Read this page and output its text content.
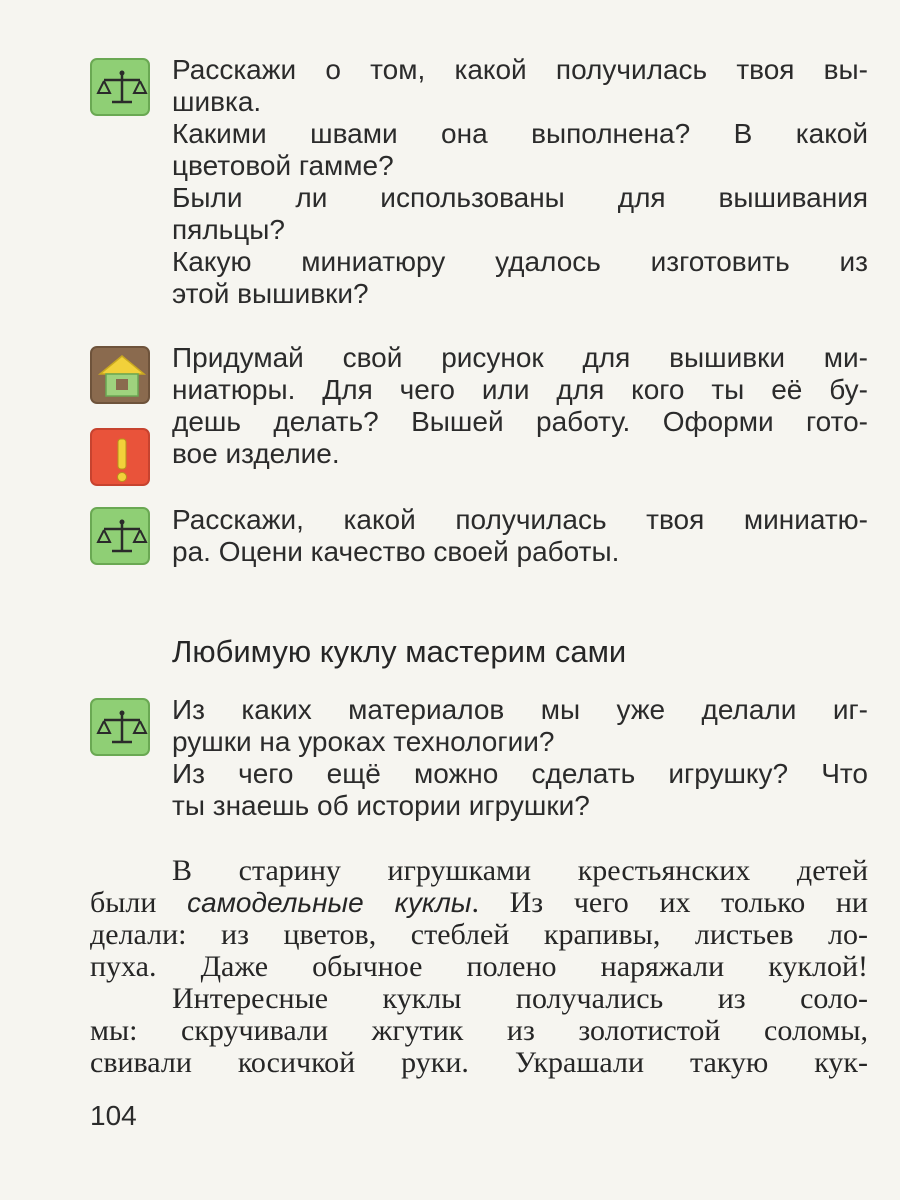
Расскажи о том, какой получилась твоя вы-
шивка.
Какими швами она выполнена? В какой
цветовой гамме?
Были ли использованы для вышивания
пяльцы?
Какую миниатюру удалось изготовить из
этой вышивки?
Придумай свой рисунок для вышивки ми-
ниатюры. Для чего или для кого ты её бу-
дешь делать? Вышей работу. Оформи гото-
вое изделие.
Расскажи, какой получилась твоя миниатю-
ра. Оцени качество своей работы.
Любимую куклу мастерим сами
Из каких материалов мы уже делали иг-
рушки на уроках технологии?
Из чего ещё можно сделать игрушку? Что
ты знаешь об истории игрушки?
В старину игрушками крестьянских детей
были самодельные куклы. Из чего их только ни
делали: из цветов, стеблей крапивы, листьев ло-
пуха. Даже обычное полено наряжали куклой!
Интересные куклы получались из соло-
мы: скручивали жгутик из золотистой соломы,
свивали косичкой руки. Украшали такую кук-
104
